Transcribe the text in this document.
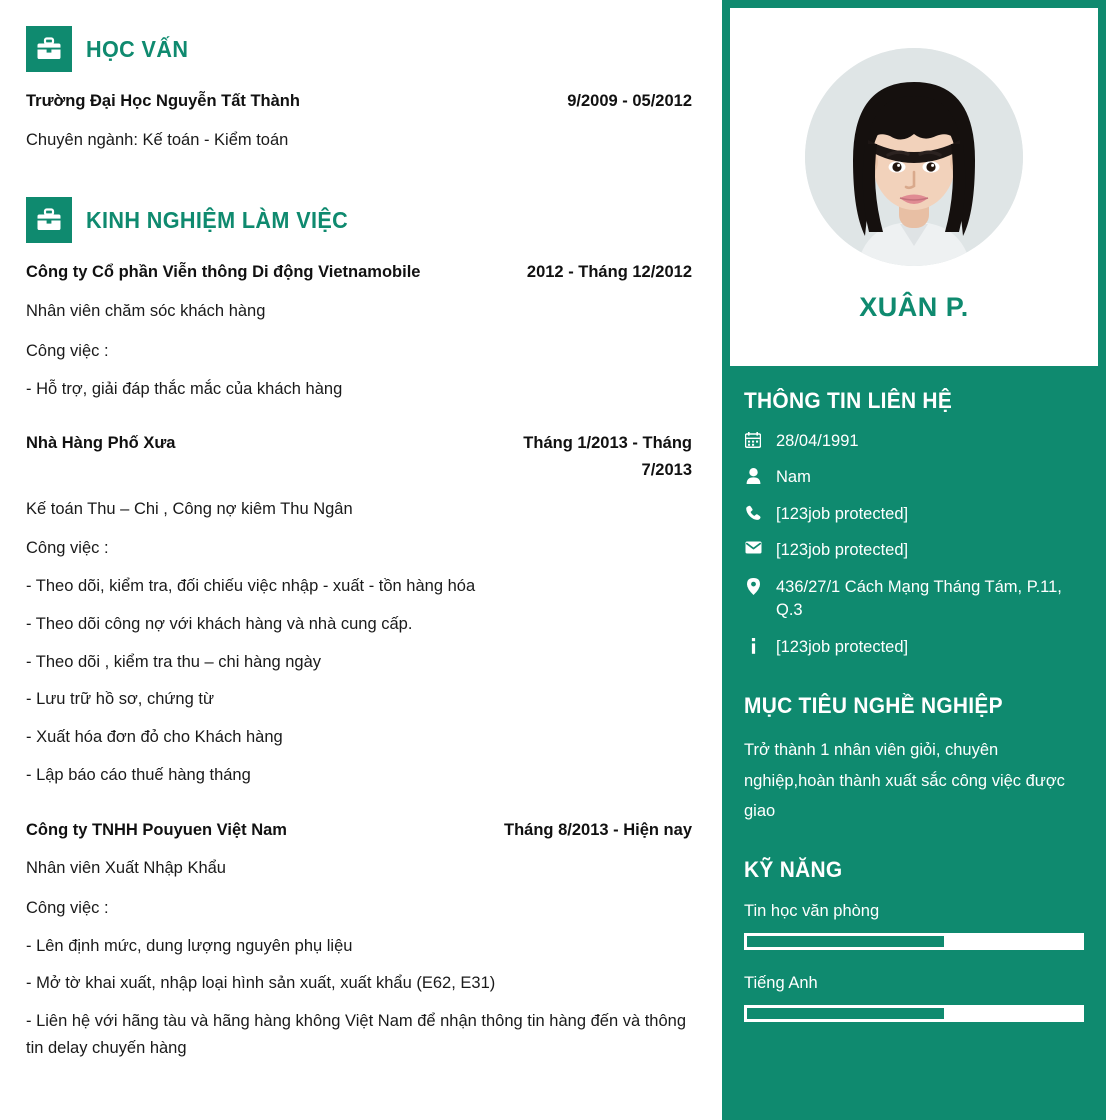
HỌC VẤN
Trường Đại Học Nguyễn Tất Thành	9/2009 - 05/2012
Chuyên ngành: Kế toán - Kiểm toán
KINH NGHIỆM LÀM VIỆC
Công ty Cổ phần Viễn thông Di động Vietnamobile	2012 - Tháng 12/2012
Nhân viên chăm sóc khách hàng
Công việc :
- Hỗ trợ, giải đáp thắc mắc của khách hàng
Nhà Hàng Phố Xưa	Tháng 1/2013 - Tháng 7/2013
Kế toán Thu – Chi , Công nợ kiêm Thu Ngân
Công việc :
- Theo dõi, kiểm tra, đối chiếu việc nhập - xuất - tồn hàng hóa
- Theo dõi công nợ với khách hàng và nhà cung cấp.
- Theo dõi , kiểm tra thu – chi hàng ngày
- Lưu trữ hồ sơ, chứng từ
- Xuất hóa đơn đỏ cho Khách hàng
- Lập báo cáo thuế hàng tháng
Công ty TNHH Pouyuen Việt Nam	Tháng 8/2013 - Hiện nay
Nhân viên Xuất Nhập Khẩu
Công việc :
- Lên định mức, dung lượng nguyên phụ liệu
- Mở tờ khai xuất, nhập loại hình sản xuất, xuất khẩu (E62, E31)
- Liên hệ với hãng tàu và hãng hàng không Việt Nam để nhận thông tin hàng đến và thông tin delay chuyến hàng
XUÂN P.
THÔNG TIN LIÊN HỆ
28/04/1991
Nam
[123job protected]
[123job protected]
436/27/1 Cách Mạng Tháng Tám, P.11, Q.3
[123job protected]
MỤC TIÊU NGHỀ NGHIỆP

Trở thành 1 nhân viên giỏi, chuyên nghiệp,hoàn thành xuất sắc công việc được giao

KỸ NĂNG
Tin học văn phòng
Tiếng Anh
